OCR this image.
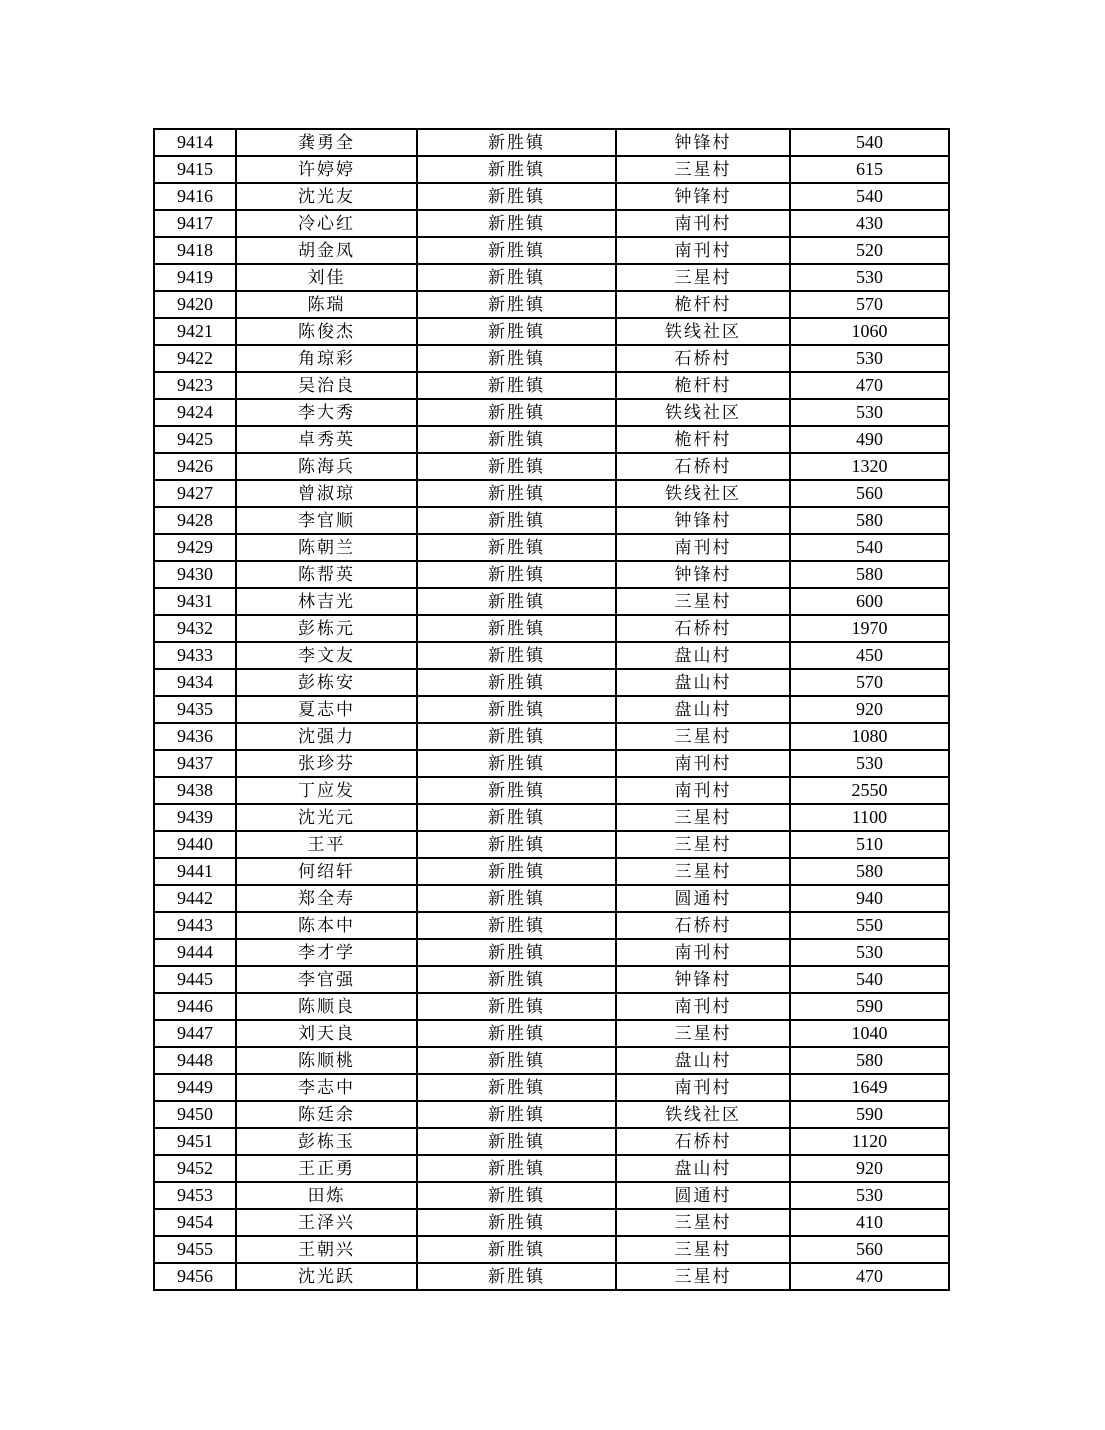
9414	龚勇全	新胜镇	钟锋村	540
9415	许婷婷	新胜镇	三星村	615
9416	沈光友	新胜镇	钟锋村	540
9417	冷心红	新胜镇	南刊村	430
9418	胡金凤	新胜镇	南刊村	520
9419	刘佳	新胜镇	三星村	530
9420	陈瑞	新胜镇	桅杆村	570
9421	陈俊杰	新胜镇	铁线社区	1060
9422	角琼彩	新胜镇	石桥村	530
9423	吴治良	新胜镇	桅杆村	470
9424	李大秀	新胜镇	铁线社区	530
9425	卓秀英	新胜镇	桅杆村	490
9426	陈海兵	新胜镇	石桥村	1320
9427	曾淑琼	新胜镇	铁线社区	560
9428	李官顺	新胜镇	钟锋村	580
9429	陈朝兰	新胜镇	南刊村	540
9430	陈帮英	新胜镇	钟锋村	580
9431	林吉光	新胜镇	三星村	600
9432	彭栋元	新胜镇	石桥村	1970
9433	李文友	新胜镇	盘山村	450
9434	彭栋安	新胜镇	盘山村	570
9435	夏志中	新胜镇	盘山村	920
9436	沈强力	新胜镇	三星村	1080
9437	张珍芬	新胜镇	南刊村	530
9438	丁应发	新胜镇	南刊村	2550
9439	沈光元	新胜镇	三星村	1100
9440	王平	新胜镇	三星村	510
9441	何绍轩	新胜镇	三星村	580
9442	郑全寿	新胜镇	圆通村	940
9443	陈本中	新胜镇	石桥村	550
9444	李才学	新胜镇	南刊村	530
9445	李官强	新胜镇	钟锋村	540
9446	陈顺良	新胜镇	南刊村	590
9447	刘天良	新胜镇	三星村	1040
9448	陈顺桃	新胜镇	盘山村	580
9449	李志中	新胜镇	南刊村	1649
9450	陈廷余	新胜镇	铁线社区	590
9451	彭栋玉	新胜镇	石桥村	1120
9452	王正勇	新胜镇	盘山村	920
9453	田炼	新胜镇	圆通村	530
9454	王泽兴	新胜镇	三星村	410
9455	王朝兴	新胜镇	三星村	560
9456	沈光跃	新胜镇	三星村	470
